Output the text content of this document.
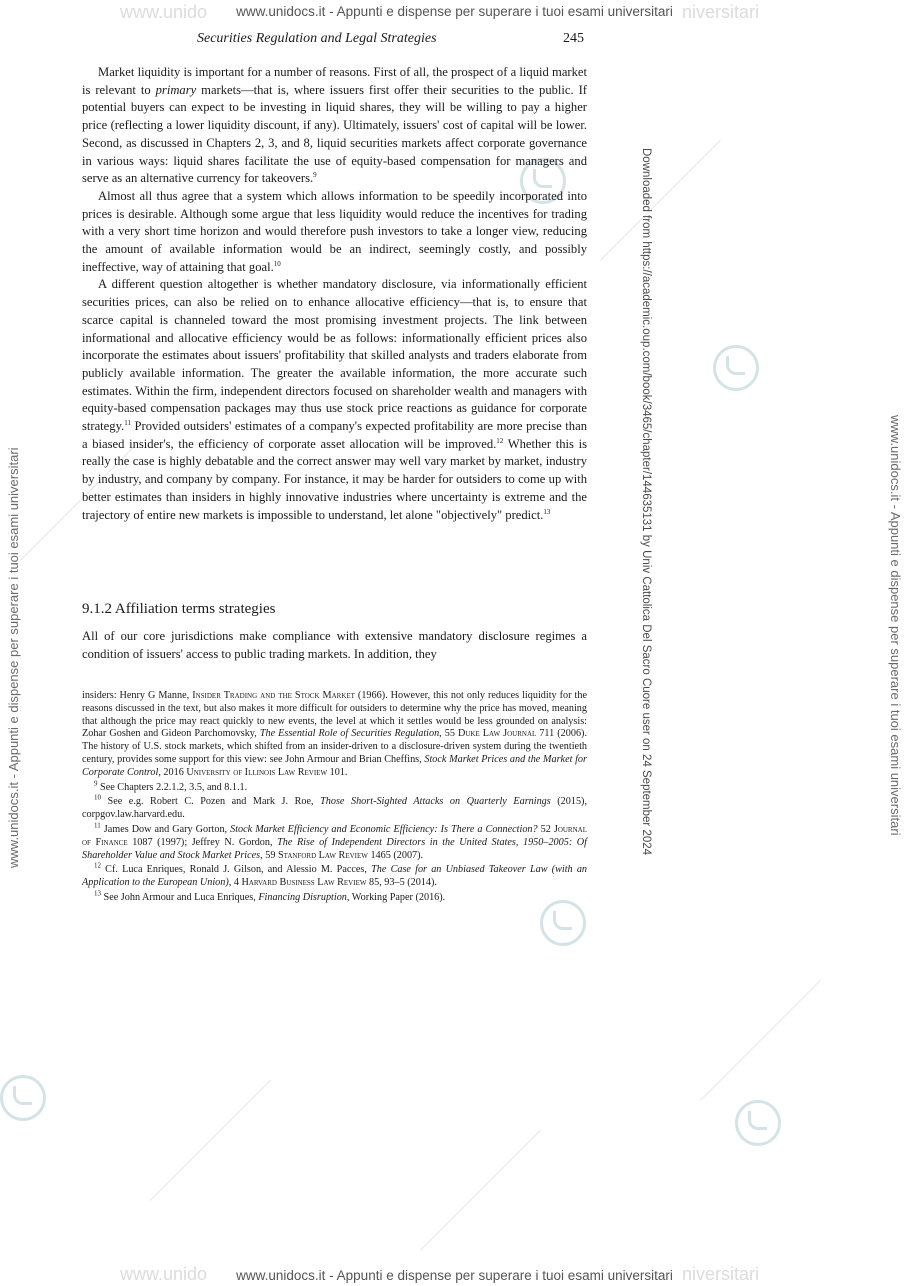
www.unido	niversitari
www.unido	niversitari
www.unidocs.it - Appunti e dispense per superare i tuoi esami universitari
www.unidocs.it - Appunti e dispense per superare i tuoi esami universitari
Downloaded from https://academic.oup.com/book/3465/chapter/144635131 by Univ Cattolica Del Sacro Cuore user on 24 September 2024	www.unidocs.it - Appunti e dispense per superare i tuoi esami universitari
www.unidocs.it - Appunti e dispense per superare i tuoi esami universitari
Securities Regulation and Legal Strategies	245

Market liquidity is important for a number of reasons. First of all, the prospect of a liquid market is relevant to primary markets—that is, where issuers first offer their securities to the public. If potential buyers can expect to be investing in liquid shares, they will be willing to pay a higher price (reflecting a lower liquidity discount, if any). Ultimately, issuers' cost of capital will be lower. Second, as discussed in Chapters 2, 3, and 8, liquid securities markets affect corporate governance in various ways: liquid shares facilitate the use of equity-based compensation for managers and serve as an alternative currency for takeovers.$^9$

Almost all thus agree that a system which allows information to be speedily incorporated into prices is desirable. Although some argue that less liquidity would reduce the incentives for trading with a very short time horizon and would therefore push investors to take a longer view, reducing the amount of available information would be an indirect, seemingly costly, and possibly ineffective, way of attaining that goal.$^{10}$

A different question altogether is whether mandatory disclosure, via informationally efficient securities prices, can also be relied on to enhance allocative efficiency—that is, to ensure that scarce capital is channeled toward the most promising investment projects. The link between informational and allocative efficiency would be as follows: informationally efficient prices also incorporate the estimates about issuers' profitability that skilled analysts and traders elaborate from publicly available information. The greater the available information, the more accurate such estimates. Within the firm, independent directors focused on shareholder wealth and managers with equity-based compensation packages may thus use stock price reactions as guidance for corporate strategy.$^{11}$ Provided outsiders' estimates of a company's expected profitability are more precise than a biased insider's, the efficiency of corporate asset allocation will be improved.$^{12}$ Whether this is really the case is highly debatable and the correct answer may well vary market by market, industry by industry, and company by company. For instance, it may be harder for outsiders to come up with better estimates than insiders in highly innovative industries where uncertainty is extreme and the trajectory of entire new markets is impossible to understand, let alone "objectively" predict.$^{13}$

9.1.2 Affiliation terms strategies

All of our core jurisdictions make compliance with extensive mandatory disclosure regimes a condition of issuers' access to public trading markets. In addition, they

insiders: Henry G Manne, Insider Trading and the Stock Market (1966). However, this not only reduces liquidity for the reasons discussed in the text, but also makes it more difficult for outsiders to determine why the price has moved, meaning that although the price may react quickly to new events, the level at which it settles would be less grounded on analysis: Zohar Goshen and Gideon Parchomovsky, The Essential Role of Securities Regulation, 55 Duke Law Journal 711 (2006). The history of U.S. stock markets, which shifted from an insider-driven to a disclosure-driven system during the twentieth century, provides some support for this view: see John Armour and Brian Cheffins, Stock Market Prices and the Market for Corporate Control, 2016 University of Illinois Law Review 101.

$^9$ See Chapters 2.2.1.2, 3.5, and 8.1.1.

$^{10}$ See e.g. Robert C. Pozen and Mark J. Roe, Those Short-Sighted Attacks on Quarterly Earnings (2015), corpgov.law.harvard.edu.

$^{11}$ James Dow and Gary Gorton, Stock Market Efficiency and Economic Efficiency: Is There a Connection? 52 Journal of Finance 1087 (1997); Jeffrey N. Gordon, The Rise of Independent Directors in the United States, 1950–2005: Of Shareholder Value and Stock Market Prices, 59 Stanford Law Review 1465 (2007).

$^{12}$ Cf. Luca Enriques, Ronald J. Gilson, and Alessio M. Pacces, The Case for an Unbiased Takeover Law (with an Application to the European Union), 4 Harvard Business Law Review 85, 93–5 (2014).

$^{13}$ See John Armour and Luca Enriques, Financing Disruption, Working Paper (2016).
